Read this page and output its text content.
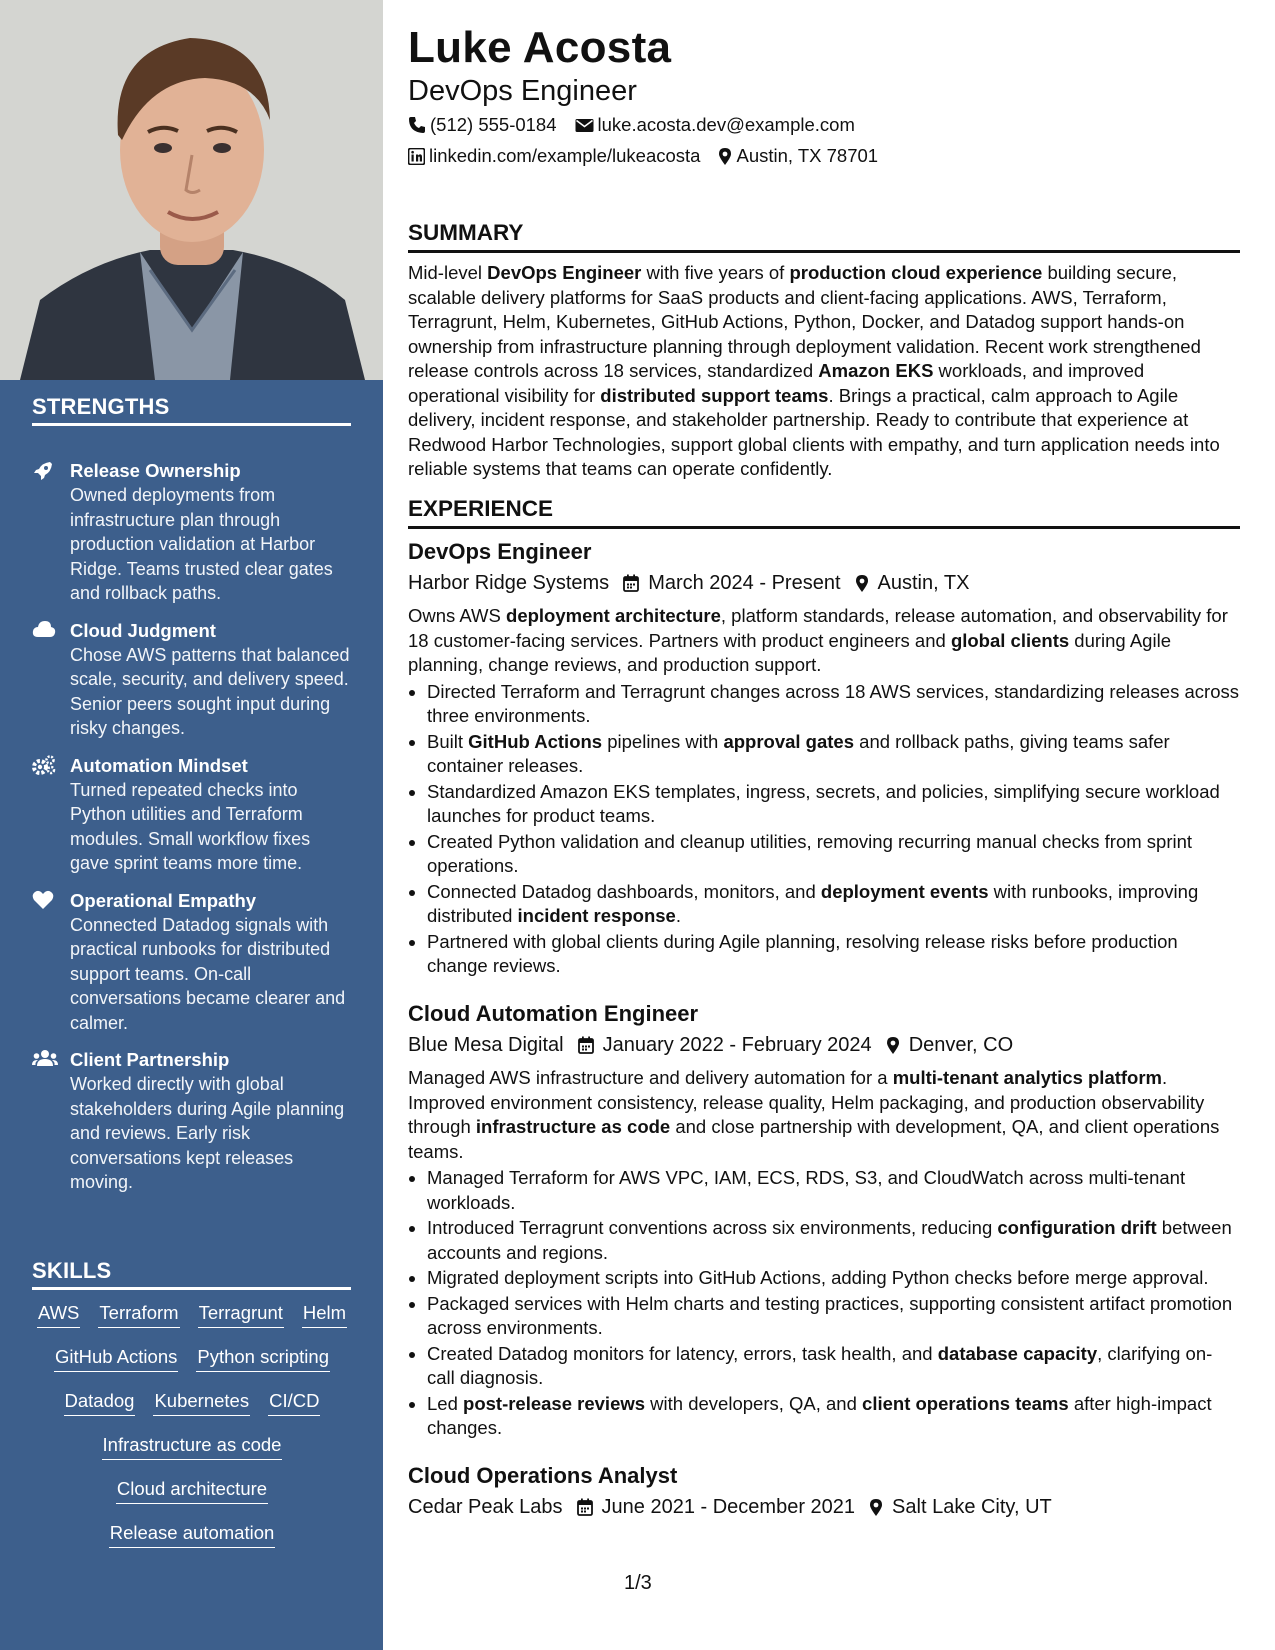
STRENGTHS
Release Ownership
Owned deployments from infrastructure plan through production validation at Harbor Ridge. Teams trusted clear gates and rollback paths.
Cloud Judgment
Chose AWS patterns that balanced scale, security, and delivery speed. Senior peers sought input during risky changes.
Automation Mindset
Turned repeated checks into Python utilities and Terraform modules. Small workflow fixes gave sprint teams more time.
Operational Empathy
Connected Datadog signals with practical runbooks for distributed support teams. On-call conversations became clearer and calmer.
Client Partnership
Worked directly with global stakeholders during Agile planning and reviews. Early risk conversations kept releases moving.
SKILLS
AWS Terraform Terragrunt Helm
GitHub Actions Python scripting
Datadog Kubernetes CI/CD
Infrastructure as code
Cloud architecture
Release automation
Luke Acosta
DevOps Engineer
(512) 555-0184 luke.acosta.dev@example.com
linkedin.com/example/lukeacosta Austin, TX 78701
SUMMARY
Mid-level DevOps Engineer with five years of production cloud experience building secure, scalable delivery platforms for SaaS products and client-facing applications. AWS, Terraform, Terragrunt, Helm, Kubernetes, GitHub Actions, Python, Docker, and Datadog support hands-on ownership from infrastructure planning through deployment validation. Recent work strengthened release controls across 18 services, standardized Amazon EKS workloads, and improved operational visibility for distributed support teams. Brings a practical, calm approach to Agile delivery, incident response, and stakeholder partnership. Ready to contribute that experience at Redwood Harbor Technologies, support global clients with empathy, and turn application needs into reliable systems that teams can operate confidently.
EXPERIENCE
DevOps Engineer
Harbor Ridge Systems March 2024 - Present Austin, TX
Owns AWS deployment architecture, platform standards, release automation, and observability for 18 customer-facing services. Partners with product engineers and global clients during Agile planning, change reviews, and production support.
• Directed Terraform and Terragrunt changes across 18 AWS services, standardizing releases across three environments.
• Built GitHub Actions pipelines with approval gates and rollback paths, giving teams safer container releases.
• Standardized Amazon EKS templates, ingress, secrets, and policies, simplifying secure workload launches for product teams.
• Created Python validation and cleanup utilities, removing recurring manual checks from sprint operations.
• Connected Datadog dashboards, monitors, and deployment events with runbooks, improving distributed incident response.
• Partnered with global clients during Agile planning, resolving release risks before production change reviews.
Cloud Automation Engineer
Blue Mesa Digital January 2022 - February 2024 Denver, CO
Managed AWS infrastructure and delivery automation for a multi-tenant analytics platform. Improved environment consistency, release quality, Helm packaging, and production observability through infrastructure as code and close partnership with development, QA, and client operations teams.
• Managed Terraform for AWS VPC, IAM, ECS, RDS, S3, and CloudWatch across multi-tenant workloads.
• Introduced Terragrunt conventions across six environments, reducing configuration drift between accounts and regions.
• Migrated deployment scripts into GitHub Actions, adding Python checks before merge approval.
• Packaged services with Helm charts and testing practices, supporting consistent artifact promotion across environments.
• Created Datadog monitors for latency, errors, task health, and database capacity, clarifying on-call diagnosis.
• Led post-release reviews with developers, QA, and client operations teams after high-impact changes.
Cloud Operations Analyst
Cedar Peak Labs June 2021 - December 2021 Salt Lake City, UT
1/3
